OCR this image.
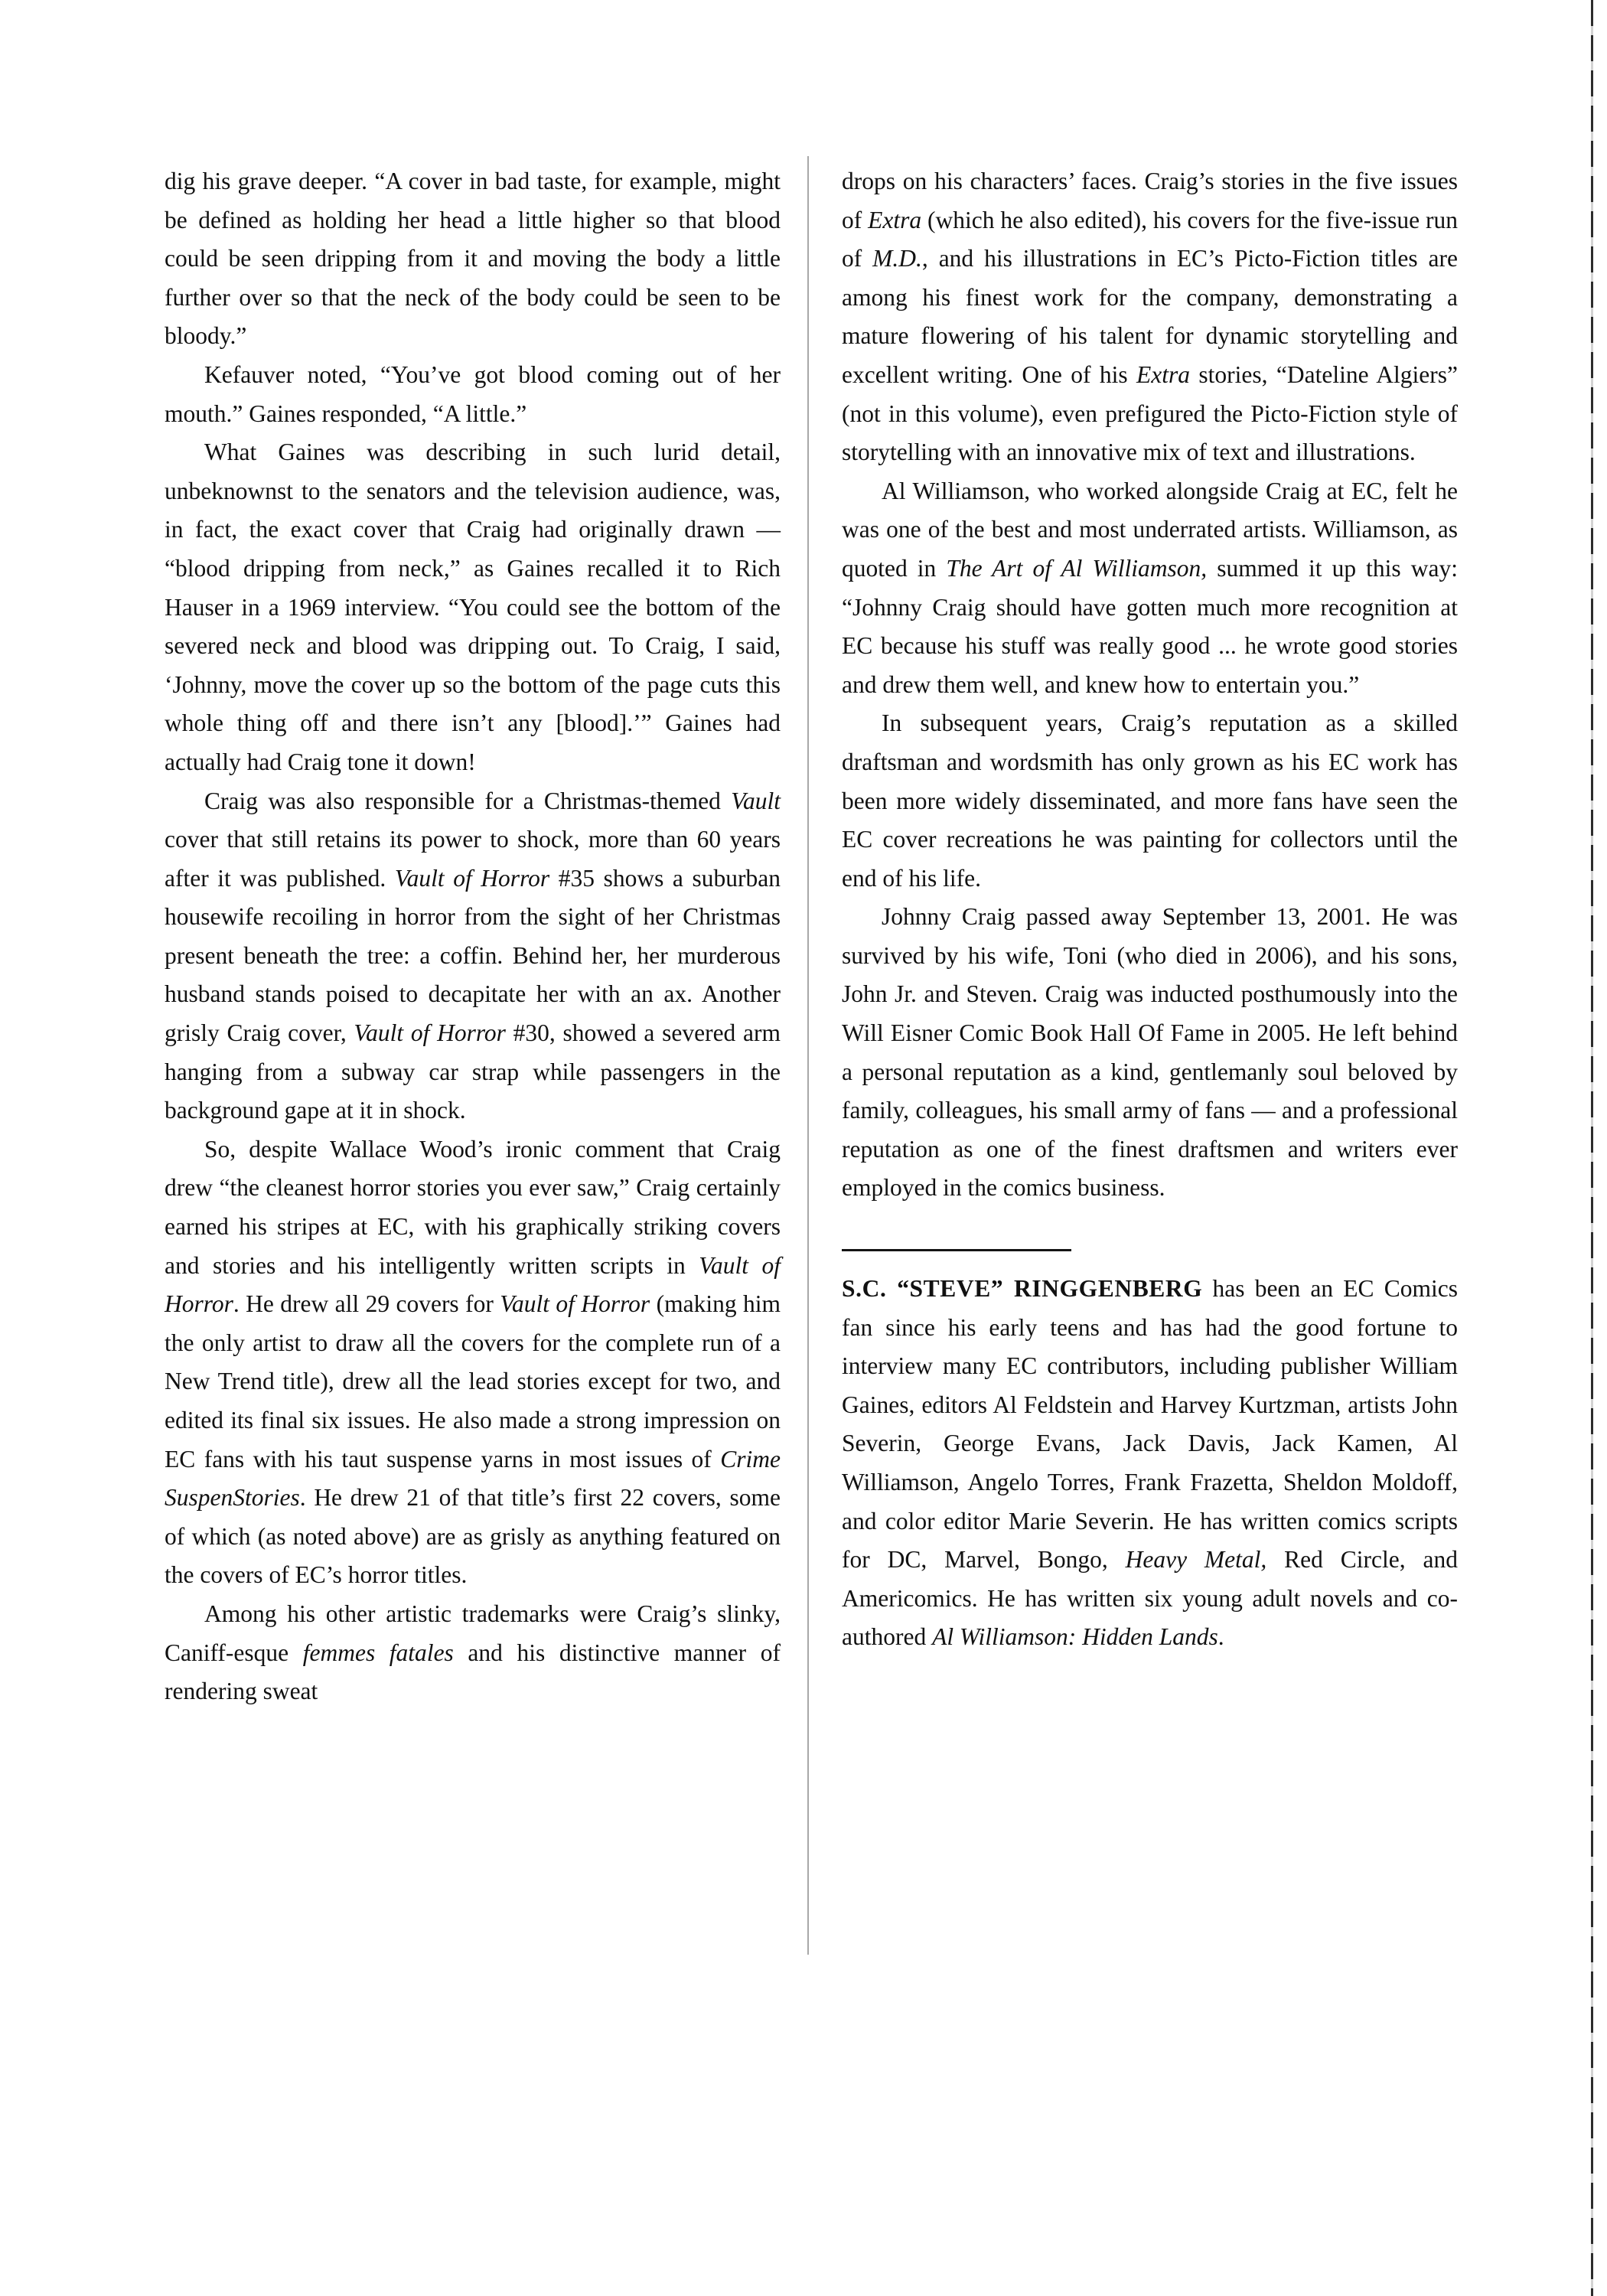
dig his grave deeper. “A cover in bad taste, for example, might be defined as holding her head a little higher so that blood could be seen dripping from it and moving the body a little further over so that the neck of the body could be seen to be bloody.”

Kefauver noted, “You’ve got blood coming out of her mouth.” Gaines responded, “A little.”

What Gaines was describing in such lurid detail, unbeknownst to the senators and the television audience, was, in fact, the exact cover that Craig had originally drawn — “blood dripping from neck,” as Gaines recalled it to Rich Hauser in a 1969 interview. “You could see the bottom of the severed neck and blood was dripping out. To Craig, I said, ‘Johnny, move the cover up so the bottom of the page cuts this whole thing off and there isn’t any [blood].’” Gaines had actually had Craig tone it down!

Craig was also responsible for a Christmas-themed Vault cover that still retains its power to shock, more than 60 years after it was published. Vault of Horror #35 shows a suburban housewife recoiling in horror from the sight of her Christmas present beneath the tree: a coffin. Behind her, her murderous husband stands poised to decapitate her with an ax. Another grisly Craig cover, Vault of Horror #30, showed a severed arm hanging from a subway car strap while passengers in the background gape at it in shock.

So, despite Wallace Wood’s ironic comment that Craig drew “the cleanest horror stories you ever saw,” Craig certainly earned his stripes at EC, with his graphically striking covers and stories and his intelligently written scripts in Vault of Horror. He drew all 29 covers for Vault of Horror (making him the only artist to draw all the covers for the complete run of a New Trend title), drew all the lead stories except for two, and edited its final six issues. He also made a strong impression on EC fans with his taut suspense yarns in most issues of Crime SuspenStories. He drew 21 of that title’s first 22 covers, some of which (as noted above) are as grisly as anything featured on the covers of EC’s horror titles.

Among his other artistic trademarks were Craig’s slinky, Caniff-esque femmes fatales and his distinctive manner of rendering sweat

drops on his characters’ faces. Craig’s stories in the five issues of Extra (which he also edited), his covers for the five-issue run of M.D., and his illustrations in EC’s Picto-Fiction titles are among his finest work for the company, demonstrating a mature flowering of his talent for dynamic storytelling and excellent writing. One of his Extra stories, “Dateline Algiers” (not in this volume), even prefigured the Picto-Fiction style of storytelling with an innovative mix of text and illustrations.

Al Williamson, who worked alongside Craig at EC, felt he was one of the best and most underrated artists. Williamson, as quoted in The Art of Al Williamson, summed it up this way: “Johnny Craig should have gotten much more recognition at EC because his stuff was really good ... he wrote good stories and drew them well, and knew how to entertain you.”

In subsequent years, Craig’s reputation as a skilled draftsman and wordsmith has only grown as his EC work has been more widely disseminated, and more fans have seen the EC cover recreations he was painting for collectors until the end of his life.

Johnny Craig passed away September 13, 2001. He was survived by his wife, Toni (who died in 2006), and his sons, John Jr. and Steven. Craig was inducted posthumously into the Will Eisner Comic Book Hall Of Fame in 2005. He left behind a personal reputation as a kind, gentlemanly soul beloved by family, colleagues, his small army of fans — and a professional reputation as one of the finest draftsmen and writers ever employed in the comics business.

S.C. “STEVE” RINGGENBERG has been an EC Comics fan since his early teens and has had the good fortune to interview many EC contributors, including publisher William Gaines, editors Al Feldstein and Harvey Kurtzman, artists John Severin, George Evans, Jack Davis, Jack Kamen, Al Williamson, Angelo Torres, Frank Frazetta, Sheldon Moldoff, and color editor Marie Severin. He has written comics scripts for DC, Marvel, Bongo, Heavy Metal, Red Circle, and Americomics. He has written six young adult novels and co-authored Al Williamson: Hidden Lands.
